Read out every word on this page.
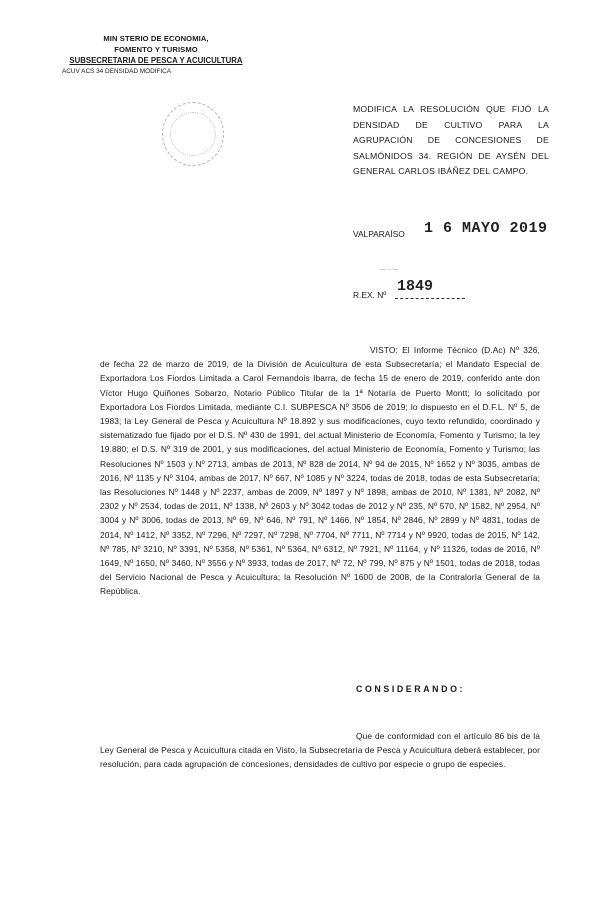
MIN STERIO DE ECONOMIA,
FOMENTO Y TURISMO
SUBSECRETARIA DE PESCA Y ACUICULTURA
ACUV ACS 34 DENSIDAD MODIFICA
MODIFICA LA RESOLUCIÓN QUE FIJÓ LA DENSIDAD DE CULTIVO PARA LA AGRUPACIÓN DE CONCESIONES DE SALMÓNIDOS 34. REGIÓN DE AYSÉN DEL GENERAL CARLOS IBÁÑEZ DEL CAMPO.
VALPARAÍSO 1 6 MAYO 2019
— ··· —
1849
R.EX. Nº

VISTO: El Informe Técnico (D.Ac) Nº 326, de fecha 22 de marzo de 2019, de la División de Acuicultura de esta Subsecretaría; el Mandato Especial de Exportadora Los Fiordos Limitada a Carol Fernandois Ibarra, de fecha 15 de enero de 2019, conferido ante don Víctor Hugo Quiñones Sobarzo, Notario Público Titular de la 1ª Notaría de Puerto Montt; lo solicitado por Exportadora Los Fiordos Limitada, mediante C.I. SUBPESCA Nº 3506 de 2019; lo dispuesto en el D.F.L. Nº 5, de 1983; la Ley General de Pesca y Acuicultura Nº 18.892 y sus modificaciones, cuyo texto refundido, coordinado y sistematizado fue fijado por el D.S. Nº 430 de 1991, del actual Ministerio de Economía, Fomento y Turismo; la ley 19.880; el D.S. Nº 319 de 2001, y sus modificaciones, del actual Ministerio de Economía, Fomento y Turismo; las Resoluciones Nº 1503 y Nº 2713, ambas de 2013, Nº 828 de 2014, Nº 94 de 2015, Nº 1652 y Nº 3035, ambas de 2016, Nº 1135 y Nº 3104, ambas de 2017, Nº 667, Nº 1085 y Nº 3224, todas de 2018, todas de esta Subsecretaría; las Resoluciones Nº 1448 y Nº 2237, ambas de 2009, Nº 1897 y Nº 1898, ambas de 2010, Nº 1381, Nº 2082, Nº 2302 y Nº 2534, todas de 2011, Nº 1338, Nº 2603 y Nº 3042 todas de 2012 y Nº 235, Nº 570, Nº 1582, Nº 2954, Nº 3004 y Nº 3006, todas de 2013, Nº 69, Nº 646, Nº 791, Nº 1466, Nº 1854, Nº 2846, Nº 2899 y Nº 4831, todas de 2014, Nº 1412, Nº 3352, Nº 7296, Nº 7297, Nº 7298, Nº 7704, Nº 7711, Nº 7714 y Nº 9920, todas de 2015, Nº 142, Nº 785, Nº 3210, Nº 3391, Nº 5358, Nº 5361, Nº 5364, Nº 6312, Nº 7921, Nº 11164, y Nº 11326, todas de 2016, Nº 1649, Nº 1650, Nº 3460, Nº 3556 y Nº 3933, todas de 2017, Nº 72, Nº 799, Nº 875 y Nº 1501, todas de 2018, todas del Servicio Nacional de Pesca y Acuicultura; la Resolución Nº 1600 de 2008, de la Contraloría General de la República.

CONSIDERANDO:

Que de conformidad con el artículo 86 bis de la Ley General de Pesca y Acuicultura citada en Visto, la Subsecretaría de Pesca y Acuicultura deberá establecer, por resolución, para cada agrupación de concesiones, densidades de cultivo por especie o grupo de especies.
